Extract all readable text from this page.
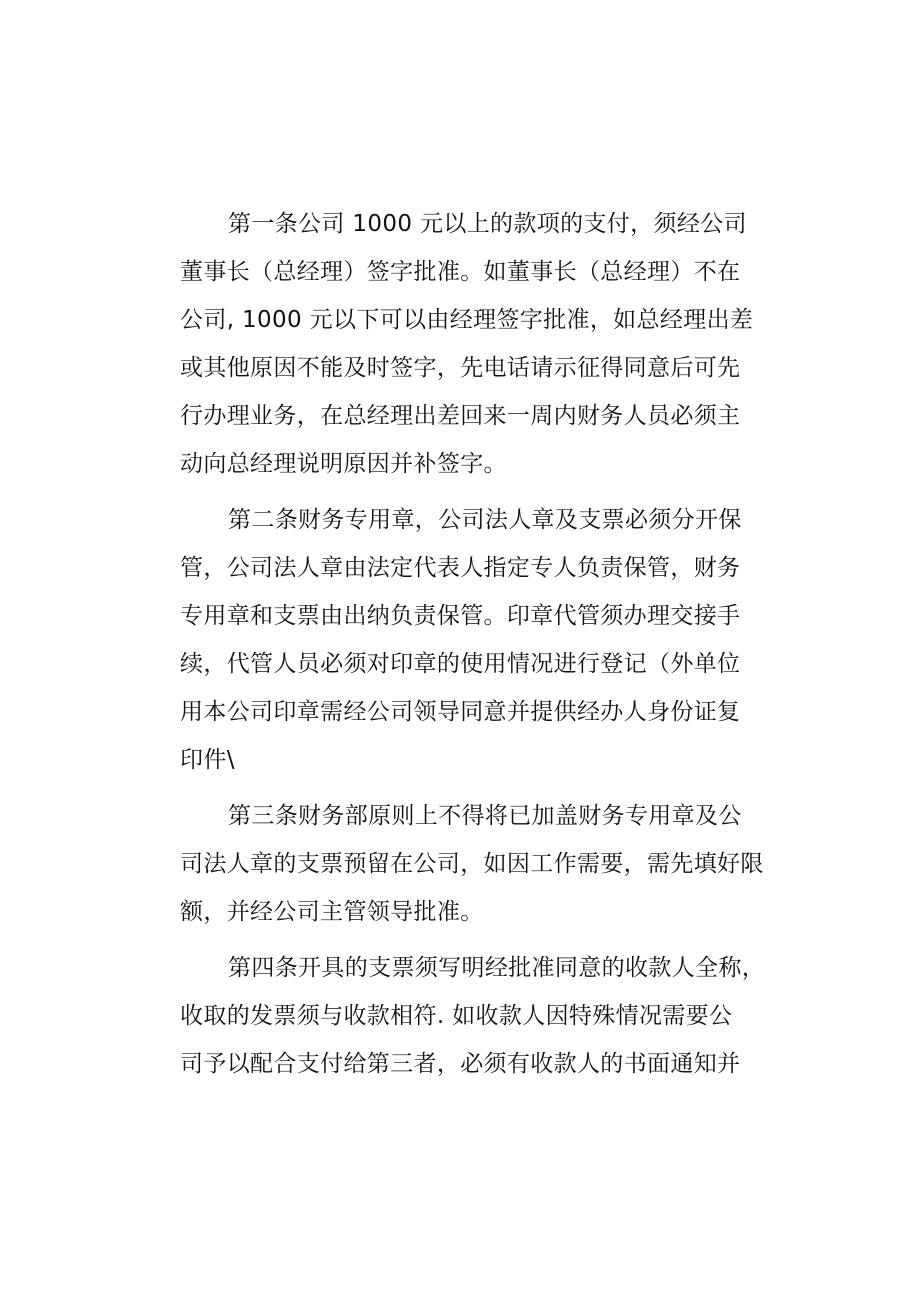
第一条公司 1000 元以上的款项的支付，须经公司
董事长（总经理）签字批准。如董事长（总经理）不在
公司, 1000 元以下可以由经理签字批准，如总经理出差
或其他原因不能及时签字，先电话请示征得同意后可先
行办理业务，在总经理出差回来一周内财务人员必须主
动向总经理说明原因并补签字。
第二条财务专用章，公司法人章及支票必须分开保
管，公司法人章由法定代表人指定专人负责保管，财务
专用章和支票由出纳负责保管。印章代管须办理交接手
续，代管人员必须对印章的使用情况进行登记（外单位
用本公司印章需经公司领导同意并提供经办人身份证复
印件\
第三条财务部原则上不得将已加盖财务专用章及公
司法人章的支票预留在公司，如因工作需要，需先填好限
额，并经公司主管领导批准。
第四条开具的支票须写明经批准同意的收款人全称，
收取的发票须与收款相符. 如收款人因特殊情况需要公
司予以配合支付给第三者，必须有收款人的书面通知并
